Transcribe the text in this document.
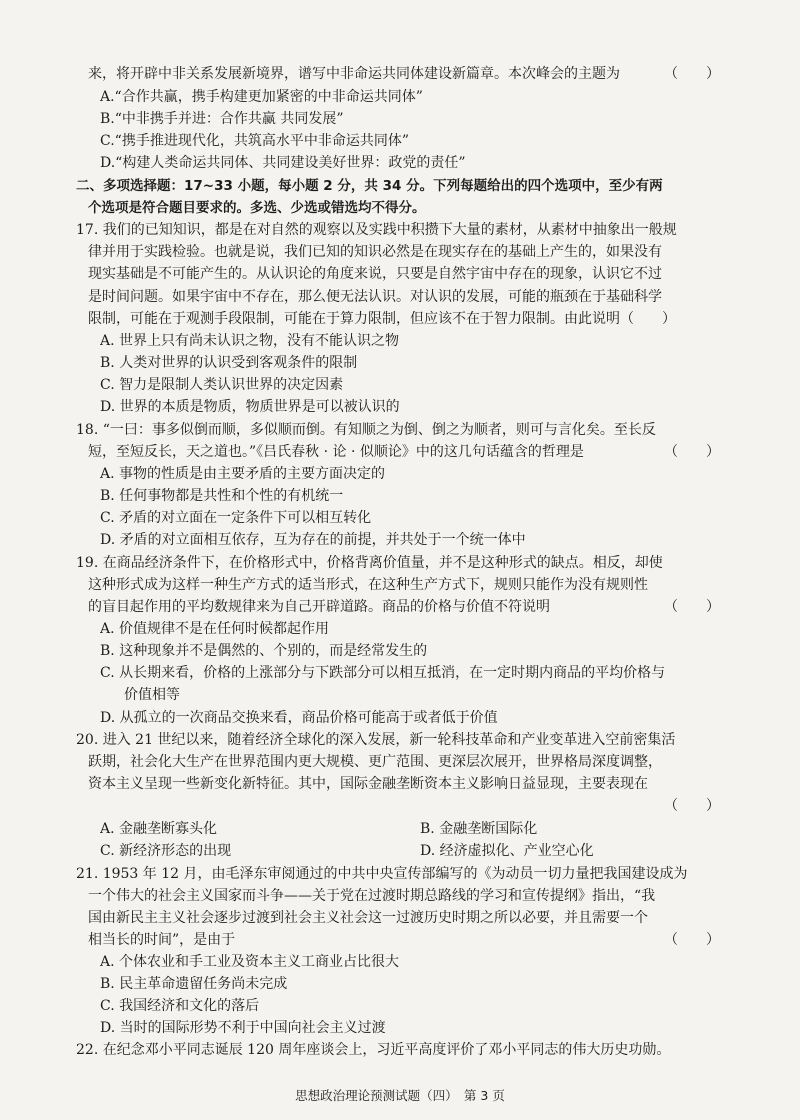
来，将开辟中非关系发展新境界，谱写中非命运共同体建设新篇章。本次峰会的主题为	（　　）
A.“合作共赢，携手构建更加紧密的中非命运共同体”
B.“中非携手并进：合作共赢 共同发展”
C.“携手推进现代化，共筑高水平中非命运共同体”
D.“构建人类命运共同体、共同建设美好世界：政党的责任”
二、多项选择题：17~33 小题，每小题 2 分，共 34 分。下列每题给出的四个选项中，至少有两
个选项是符合题目要求的。多选、少选或错选均不得分。
17. 我们的已知知识，都是在对自然的观察以及实践中积攒下大量的素材，从素材中抽象出一般规
律并用于实践检验。也就是说，我们已知的知识必然是在现实存在的基础上产生的，如果没有
现实基础是不可能产生的。从认识论的角度来说，只要是自然宇宙中存在的现象，认识它不过
是时间问题。如果宇宙中不存在，那么便无法认识。对认识的发展，可能的瓶颈在于基础科学
限制，可能在于观测手段限制，可能在于算力限制，但应该不在于智力限制。由此说明（　　）
A. 世界上只有尚未认识之物，没有不能认识之物
B. 人类对世界的认识受到客观条件的限制
C. 智力是限制人类认识世界的决定因素
D. 世界的本质是物质，物质世界是可以被认识的
18. “一曰：事多似倒而顺，多似顺而倒。有知顺之为倒、倒之为顺者，则可与言化矣。至长反
短，至短反长，天之道也。”《吕氏春秋 · 论 · 似顺论》中的这几句话蕴含的哲理是	（　　）
A. 事物的性质是由主要矛盾的主要方面决定的
B. 任何事物都是共性和个性的有机统一
C. 矛盾的对立面在一定条件下可以相互转化
D. 矛盾的对立面相互依存，互为存在的前提，并共处于一个统一体中
19. 在商品经济条件下，在价格形式中，价格背离价值量，并不是这种形式的缺点。相反，却使
这种形式成为这样一种生产方式的适当形式，在这种生产方式下，规则只能作为没有规则性
的盲目起作用的平均数规律来为自己开辟道路。商品的价格与价值不符说明	（　　）
A. 价值规律不是在任何时候都起作用
B. 这种现象并不是偶然的、个别的，而是经常发生的
C. 从长期来看，价格的上涨部分与下跌部分可以相互抵消，在一定时期内商品的平均价格与
价值相等
D. 从孤立的一次商品交换来看，商品价格可能高于或者低于价值
20. 进入 21 世纪以来，随着经济全球化的深入发展，新一轮科技革命和产业变革进入空前密集活
跃期，社会化大生产在世界范围内更大规模、更广范围、更深层次展开，世界格局深度调整，
资本主义呈现一些新变化新特征。其中，国际金融垄断资本主义影响日益显现，主要表现在
（　　）
A. 金融垄断寡头化	B. 金融垄断国际化
C. 新经济形态的出现	D. 经济虚拟化、产业空心化
21. 1953 年 12 月，由毛泽东审阅通过的中共中央宣传部编写的《为动员一切力量把我国建设成为
一个伟大的社会主义国家而斗争——关于党在过渡时期总路线的学习和宣传提纲》指出，“我
国由新民主主义社会逐步过渡到社会主义社会这一过渡历史时期之所以必要，并且需要一个
相当长的时间”，是由于	（　　）
A. 个体农业和手工业及资本主义工商业占比很大
B. 民主革命遗留任务尚未完成
C. 我国经济和文化的落后
D. 当时的国际形势不利于中国向社会主义过渡
22. 在纪念邓小平同志诞辰 120 周年座谈会上，习近平高度评价了邓小平同志的伟大历史功勋。
思想政治理论预测试题（四）　第 3 页
